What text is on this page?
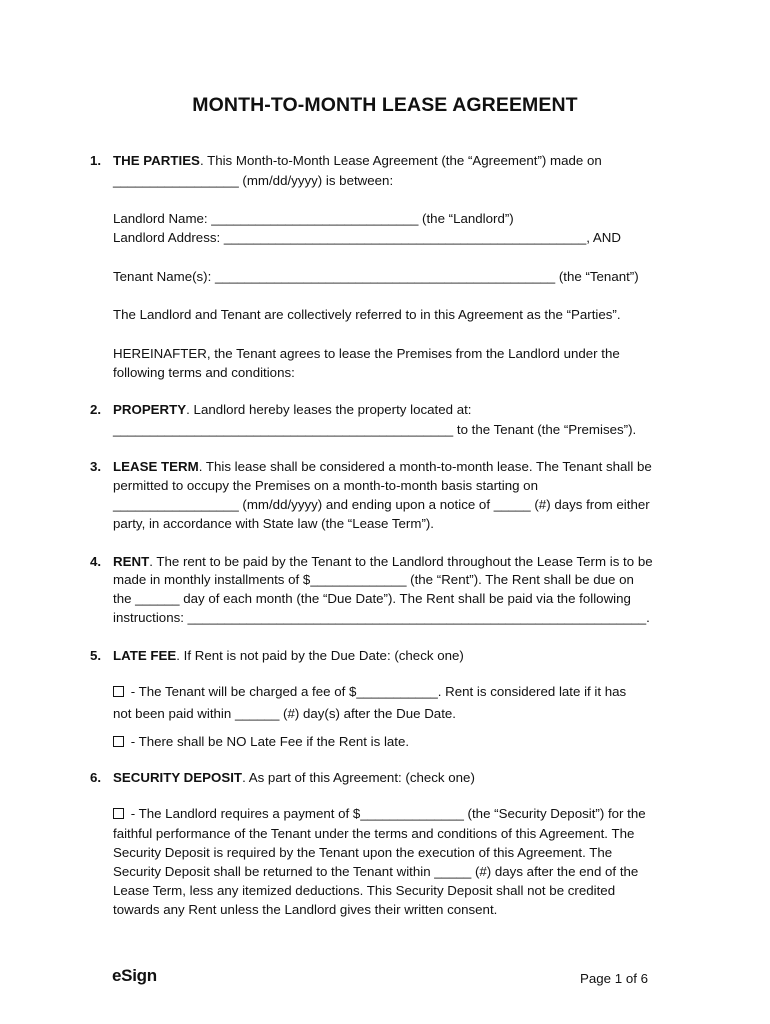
MONTH-TO-MONTH LEASE AGREEMENT
1. THE PARTIES. This Month-to-Month Lease Agreement (the “Agreement”) made on
_________________ (mm/dd/yyyy) is between:
Landlord Name: ____________________________ (the “Landlord”)
Landlord Address: _________________________________________________, AND
Tenant Name(s): ______________________________________________ (the “Tenant”)
The Landlord and Tenant are collectively referred to in this Agreement as the “Parties”.
HEREINAFTER, the Tenant agrees to lease the Premises from the Landlord under the
following terms and conditions:
2. PROPERTY. Landlord hereby leases the property located at:
______________________________________________ to the Tenant (the “Premises”).
3. LEASE TERM. This lease shall be considered a month-to-month lease. The Tenant shall be
permitted to occupy the Premises on a month-to-month basis starting on
_________________ (mm/dd/yyyy) and ending upon a notice of _____ (#) days from either
party, in accordance with State law (the “Lease Term”).
4. RENT. The rent to be paid by the Tenant to the Landlord throughout the Lease Term is to be
made in monthly installments of $_____________ (the “Rent”). The Rent shall be due on
the ______ day of each month (the “Due Date”). The Rent shall be paid via the following
instructions: ______________________________________________________________.
5. LATE FEE. If Rent is not paid by the Due Date: (check one)
- The Tenant will be charged a fee of $___________. Rent is considered late if it has
not been paid within ______ (#) day(s) after the Due Date.
- There shall be NO Late Fee if the Rent is late.
6. SECURITY DEPOSIT. As part of this Agreement: (check one)
- The Landlord requires a payment of $______________ (the “Security Deposit”) for the
faithful performance of the Tenant under the terms and conditions of this Agreement. The
Security Deposit is required by the Tenant upon the execution of this Agreement. The
Security Deposit shall be returned to the Tenant within _____ (#) days after the end of the
Lease Term, less any itemized deductions. This Security Deposit shall not be credited
towards any Rent unless the Landlord gives their written consent.
eSign	Page 1 of 6
